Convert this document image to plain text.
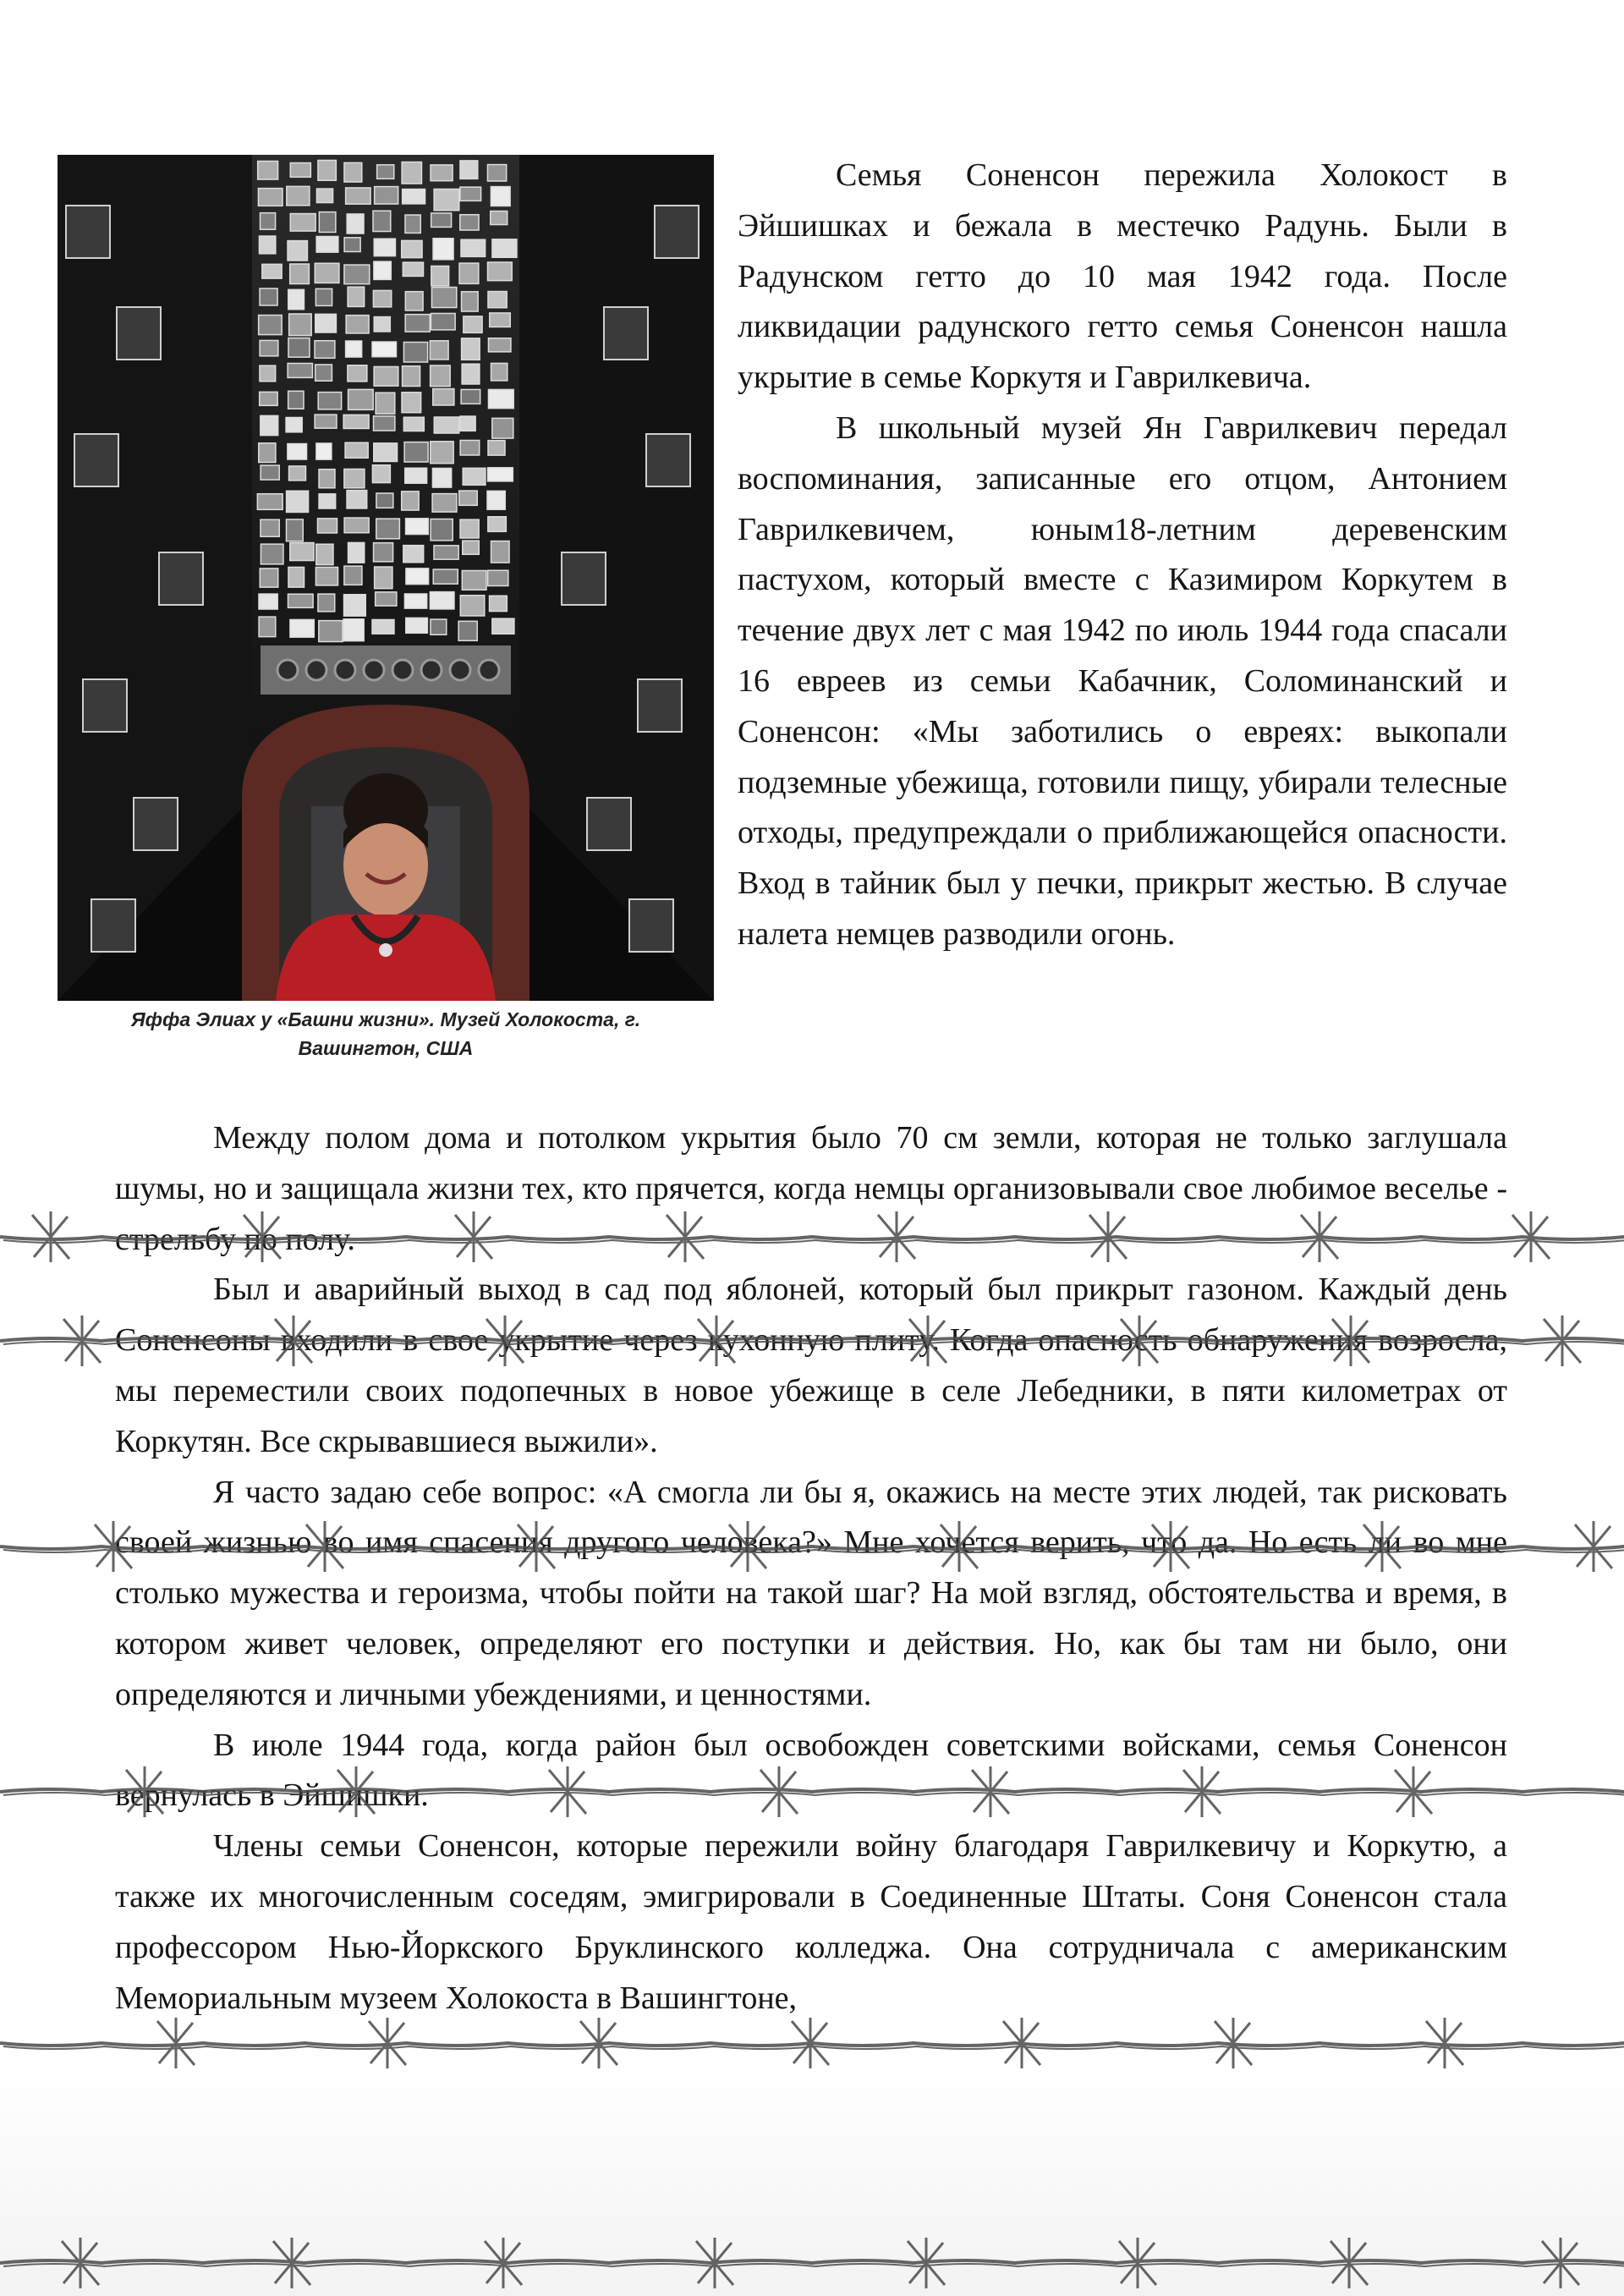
Яффа Элиах у «Башни жизни». Музей Холокоста, г.
Вашингтон, США

Семья Соненсон пережила Холокост в Эйшишках и бежала в местечко Радунь. Были в Радунском гетто до 10 мая 1942 года. После ликвидации радунского гетто семья Соненсон нашла укрытие в семье Коркутя и Гаврилкевича.

В школьный музей Ян Гаврилкевич передал воспоминания, записанные его отцом, Антонием Гаврилкевичем, юным18-летним деревенским пастухом, который вместе с Казимиром Коркутем в течение двух лет с мая 1942 по июль 1944 года спасали 16 евреев из семьи Кабачник, Соломинанский и Соненсон: «Мы заботились о евреях: выкопали подземные убежища, готовили пищу, убирали телесные отходы, предупреждали о приближающейся опасности. Вход в тайник был у печки, прикрыт жестью. В случае налета немцев разводили огонь.

Между полом дома и потолком укрытия было 70 см земли, которая не только заглушала шумы, но и защищала жизни тех, кто прячется, когда немцы организовывали свое любимое веселье - стрельбу по полу.

Был и аварийный выход в сад под яблоней, который был прикрыт газоном. Каждый день Соненсоны входили в свое укрытие через кухонную плиту. Когда опасность обнаружения возросла, мы переместили своих подопечных в новое убежище в селе Лебедники, в пяти километрах от Коркутян. Все скрывавшиеся выжили».

Я часто задаю себе вопрос: «А смогла ли бы я, окажись на месте этих людей, так рисковать своей жизнью во имя спасения другого человека?» Мне хочется верить, что да. Но есть ли во мне столько мужества и героизма, чтобы пойти на такой шаг? На мой взгляд, обстоятельства и время, в котором живет человек, определяют его поступки и действия. Но, как бы там ни было, они определяются и личными убеждениями, и ценностями.

В июле 1944 года, когда район был освобожден советскими войсками, семья Соненсон вернулась в Эйшишки.

Члены семьи Соненсон, которые пережили войну благодаря Гаврилкевичу и Коркутю, а также их многочисленным соседям, эмигрировали в Соединенные Штаты. Соня Соненсон стала профессором Нью-Йоркского Бруклинского колледжа. Она сотрудничала с американским Мемориальным музеем Холокоста в Вашингтоне,
